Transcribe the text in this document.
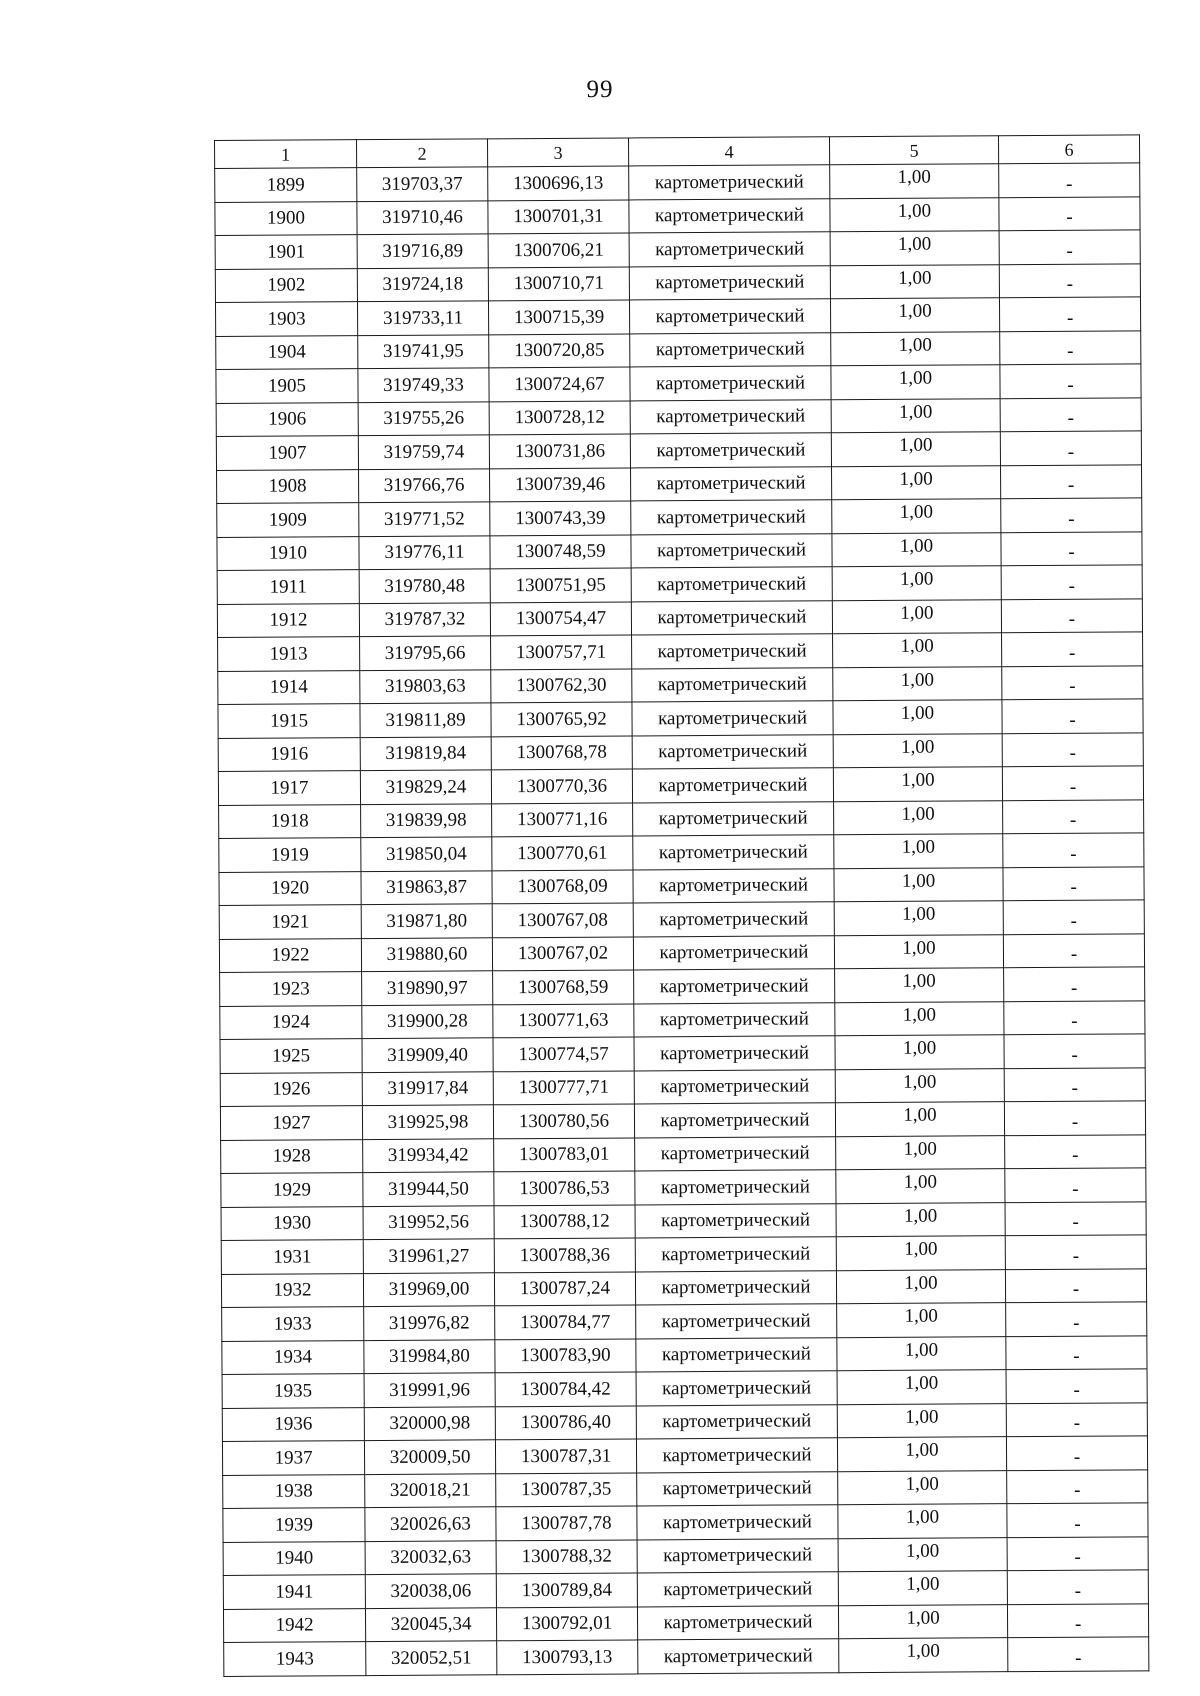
99
1	2	3	4	5	6
1899	319703,37	1300696,13	картометрический	1,00	-
1900	319710,46	1300701,31	картометрический	1,00	-
1901	319716,89	1300706,21	картометрический	1,00	-
1902	319724,18	1300710,71	картометрический	1,00	-
1903	319733,11	1300715,39	картометрический	1,00	-
1904	319741,95	1300720,85	картометрический	1,00	-
1905	319749,33	1300724,67	картометрический	1,00	-
1906	319755,26	1300728,12	картометрический	1,00	-
1907	319759,74	1300731,86	картометрический	1,00	-
1908	319766,76	1300739,46	картометрический	1,00	-
1909	319771,52	1300743,39	картометрический	1,00	-
1910	319776,11	1300748,59	картометрический	1,00	-
1911	319780,48	1300751,95	картометрический	1,00	-
1912	319787,32	1300754,47	картометрический	1,00	-
1913	319795,66	1300757,71	картометрический	1,00	-
1914	319803,63	1300762,30	картометрический	1,00	-
1915	319811,89	1300765,92	картометрический	1,00	-
1916	319819,84	1300768,78	картометрический	1,00	-
1917	319829,24	1300770,36	картометрический	1,00	-
1918	319839,98	1300771,16	картометрический	1,00	-
1919	319850,04	1300770,61	картометрический	1,00	-
1920	319863,87	1300768,09	картометрический	1,00	-
1921	319871,80	1300767,08	картометрический	1,00	-
1922	319880,60	1300767,02	картометрический	1,00	-
1923	319890,97	1300768,59	картометрический	1,00	-
1924	319900,28	1300771,63	картометрический	1,00	-
1925	319909,40	1300774,57	картометрический	1,00	-
1926	319917,84	1300777,71	картометрический	1,00	-
1927	319925,98	1300780,56	картометрический	1,00	-
1928	319934,42	1300783,01	картометрический	1,00	-
1929	319944,50	1300786,53	картометрический	1,00	-
1930	319952,56	1300788,12	картометрический	1,00	-
1931	319961,27	1300788,36	картометрический	1,00	-
1932	319969,00	1300787,24	картометрический	1,00	-
1933	319976,82	1300784,77	картометрический	1,00	-
1934	319984,80	1300783,90	картометрический	1,00	-
1935	319991,96	1300784,42	картометрический	1,00	-
1936	320000,98	1300786,40	картометрический	1,00	-
1937	320009,50	1300787,31	картометрический	1,00	-
1938	320018,21	1300787,35	картометрический	1,00	-
1939	320026,63	1300787,78	картометрический	1,00	-
1940	320032,63	1300788,32	картометрический	1,00	-
1941	320038,06	1300789,84	картометрический	1,00	-
1942	320045,34	1300792,01	картометрический	1,00	-
1943	320052,51	1300793,13	картометрический	1,00	-
